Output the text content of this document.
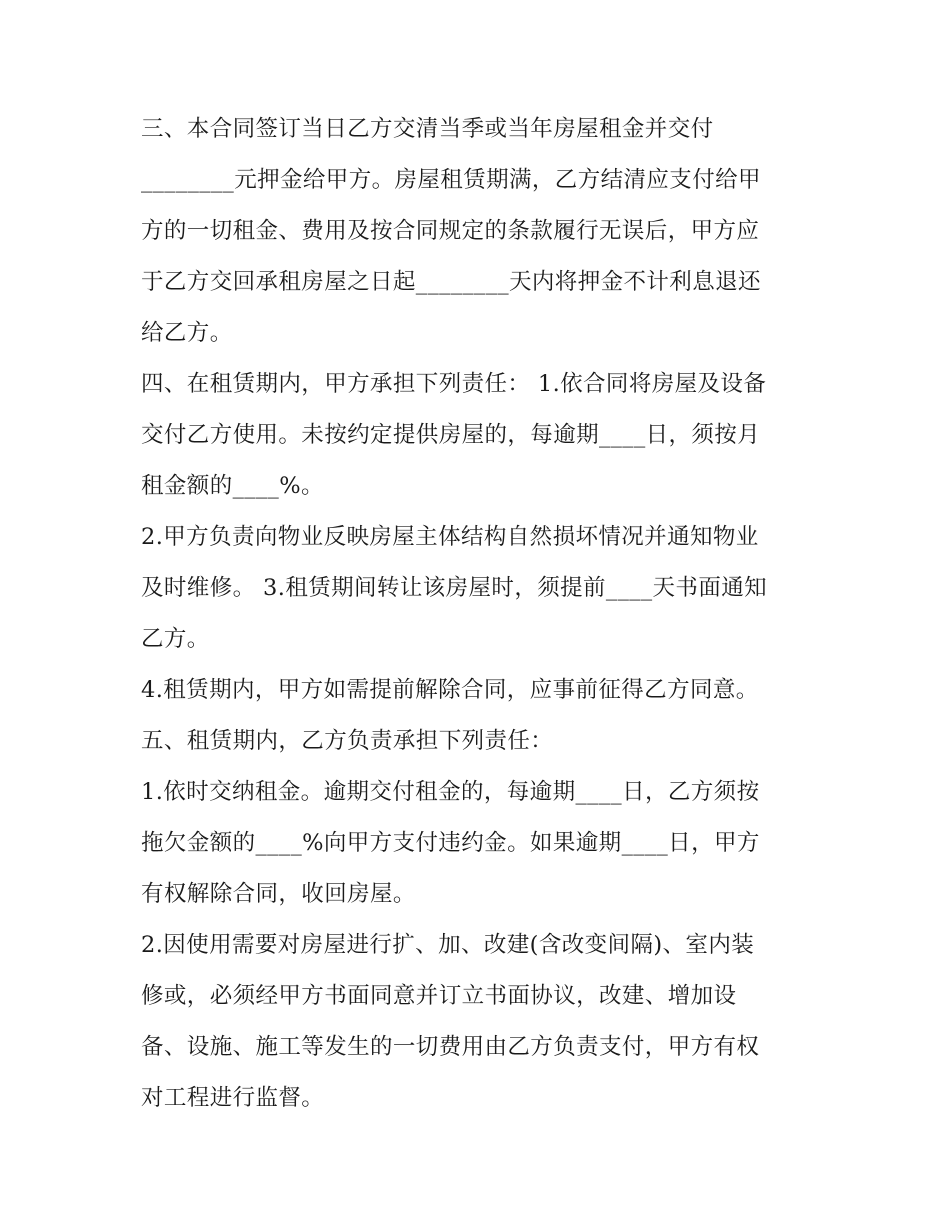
三、本合同签订当日乙方交清当季或当年房屋租金并交付
________元押金给甲方。房屋租赁期满，乙方结清应支付给甲
方的一切租金、费用及按合同规定的条款履行无误后，甲方应
于乙方交回承租房屋之日起________天内将押金不计利息退还
给乙方。
四、在租赁期内，甲方承担下列责任： 1.依合同将房屋及设备
交付乙方使用。未按约定提供房屋的，每逾期____日，须按月
租金额的____%。
2.甲方负责向物业反映房屋主体结构自然损坏情况并通知物业
及时维修。 3.租赁期间转让该房屋时，须提前____天书面通知
乙方。
4.租赁期内，甲方如需提前解除合同，应事前征得乙方同意。
五、租赁期内，乙方负责承担下列责任：
1.依时交纳租金。逾期交付租金的，每逾期____日，乙方须按
拖欠金额的____%向甲方支付违约金。如果逾期____日，甲方
有权解除合同，收回房屋。
2.因使用需要对房屋进行扩、加、改建(含改变间隔)、室内装
修或，必须经甲方书面同意并订立书面协议，改建、增加设
备、设施、施工等发生的一切费用由乙方负责支付，甲方有权
对工程进行监督。
